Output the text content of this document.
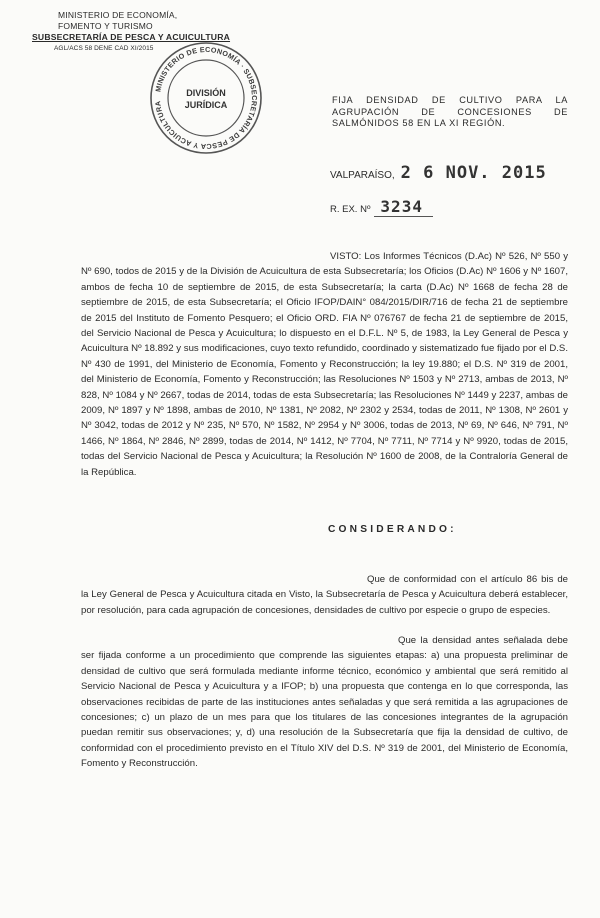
MINISTERIO DE ECONOMÍA,
FOMENTO Y TURISMO
SUBSECRETARÍA DE PESCA Y ACUICULTURA
AGL/ACS 58 DENE CAD XI/2015
MINISTERIO DE ECONOMÍA · SUBSECRETARÍA DE PESCA Y ACUICULTURA
DIVISIÓN
JURÍDICA	FIJA DENSIDAD DE CULTIVO PARA LA AGRUPACIÓN DE CONCESIONES DE SALMÓNIDOS 58 EN LA XI REGIÓN.
VALPARAÍSO, 2 6 NOV. 2015
R. EX. Nº 3234
VISTO: Los Informes Técnicos (D.Ac) Nº 526, Nº 550 y Nº 690, todos de 2015 y de la División de Acuicultura de esta Subsecretaría; los Oficios (D.Ac) Nº 1606 y Nº 1607, ambos de fecha 10 de septiembre de 2015, de esta Subsecretaría; la carta (D.Ac) Nº 1668 de fecha 28 de septiembre de 2015, de esta Subsecretaría; el Oficio IFOP/DAIN° 084/2015/DIR/716 de fecha 21 de septiembre de 2015 del Instituto de Fomento Pesquero; el Oficio ORD. FIA Nº 076767 de fecha 21 de septiembre de 2015, del Servicio Nacional de Pesca y Acuicultura; lo dispuesto en el D.F.L. Nº 5, de 1983, la Ley General de Pesca y Acuicultura Nº 18.892 y sus modificaciones, cuyo texto refundido, coordinado y sistematizado fue fijado por el D.S. Nº 430 de 1991, del Ministerio de Economía, Fomento y Reconstrucción; la ley 19.880; el D.S. Nº 319 de 2001, del Ministerio de Economía, Fomento y Reconstrucción; las Resoluciones Nº 1503 y Nº 2713, ambas de 2013, Nº 828, Nº 1084 y Nº 2667, todas de 2014, todas de esta Subsecretaría; las Resoluciones Nº 1449 y 2237, ambas de 2009, Nº 1897 y Nº 1898, ambas de 2010, Nº 1381, Nº 2082, Nº 2302 y 2534, todas de 2011, Nº 1308, Nº 2601 y Nº 3042, todas de 2012 y Nº 235, Nº 570, Nº 1582, Nº 2954 y Nº 3006, todas de 2013, Nº 69, Nº 646, Nº 791, Nº 1466, Nº 1864, Nº 2846, Nº 2899, todas de 2014, Nº 1412, Nº 7704, Nº 7711, Nº 7714 y Nº 9920, todas de 2015, todas del Servicio Nacional de Pesca y Acuicultura; la Resolución Nº 1600 de 2008, de la Contraloría General de la República.
CONSIDERANDO:
Que de conformidad con el artículo 86 bis de la Ley General de Pesca y Acuicultura citada en Visto, la Subsecretaría de Pesca y Acuicultura deberá establecer, por resolución, para cada agrupación de concesiones, densidades de cultivo por especie o grupo de especies.
Que la densidad antes señalada debe ser fijada conforme a un procedimiento que comprende las siguientes etapas: a) una propuesta preliminar de densidad de cultivo que será formulada mediante informe técnico, económico y ambiental que será remitido al Servicio Nacional de Pesca y Acuicultura y a IFOP; b) una propuesta que contenga en lo que corresponda, las observaciones recibidas de parte de las instituciones antes señaladas y que será remitida a las agrupaciones de concesiones; c) un plazo de un mes para que los titulares de las concesiones integrantes de la agrupación puedan remitir sus observaciones; y, d) una resolución de la Subsecretaría que fija la densidad de cultivo, de conformidad con el procedimiento previsto en el Título XIV del D.S. Nº 319 de 2001, del Ministerio de Economía, Fomento y Reconstrucción.
